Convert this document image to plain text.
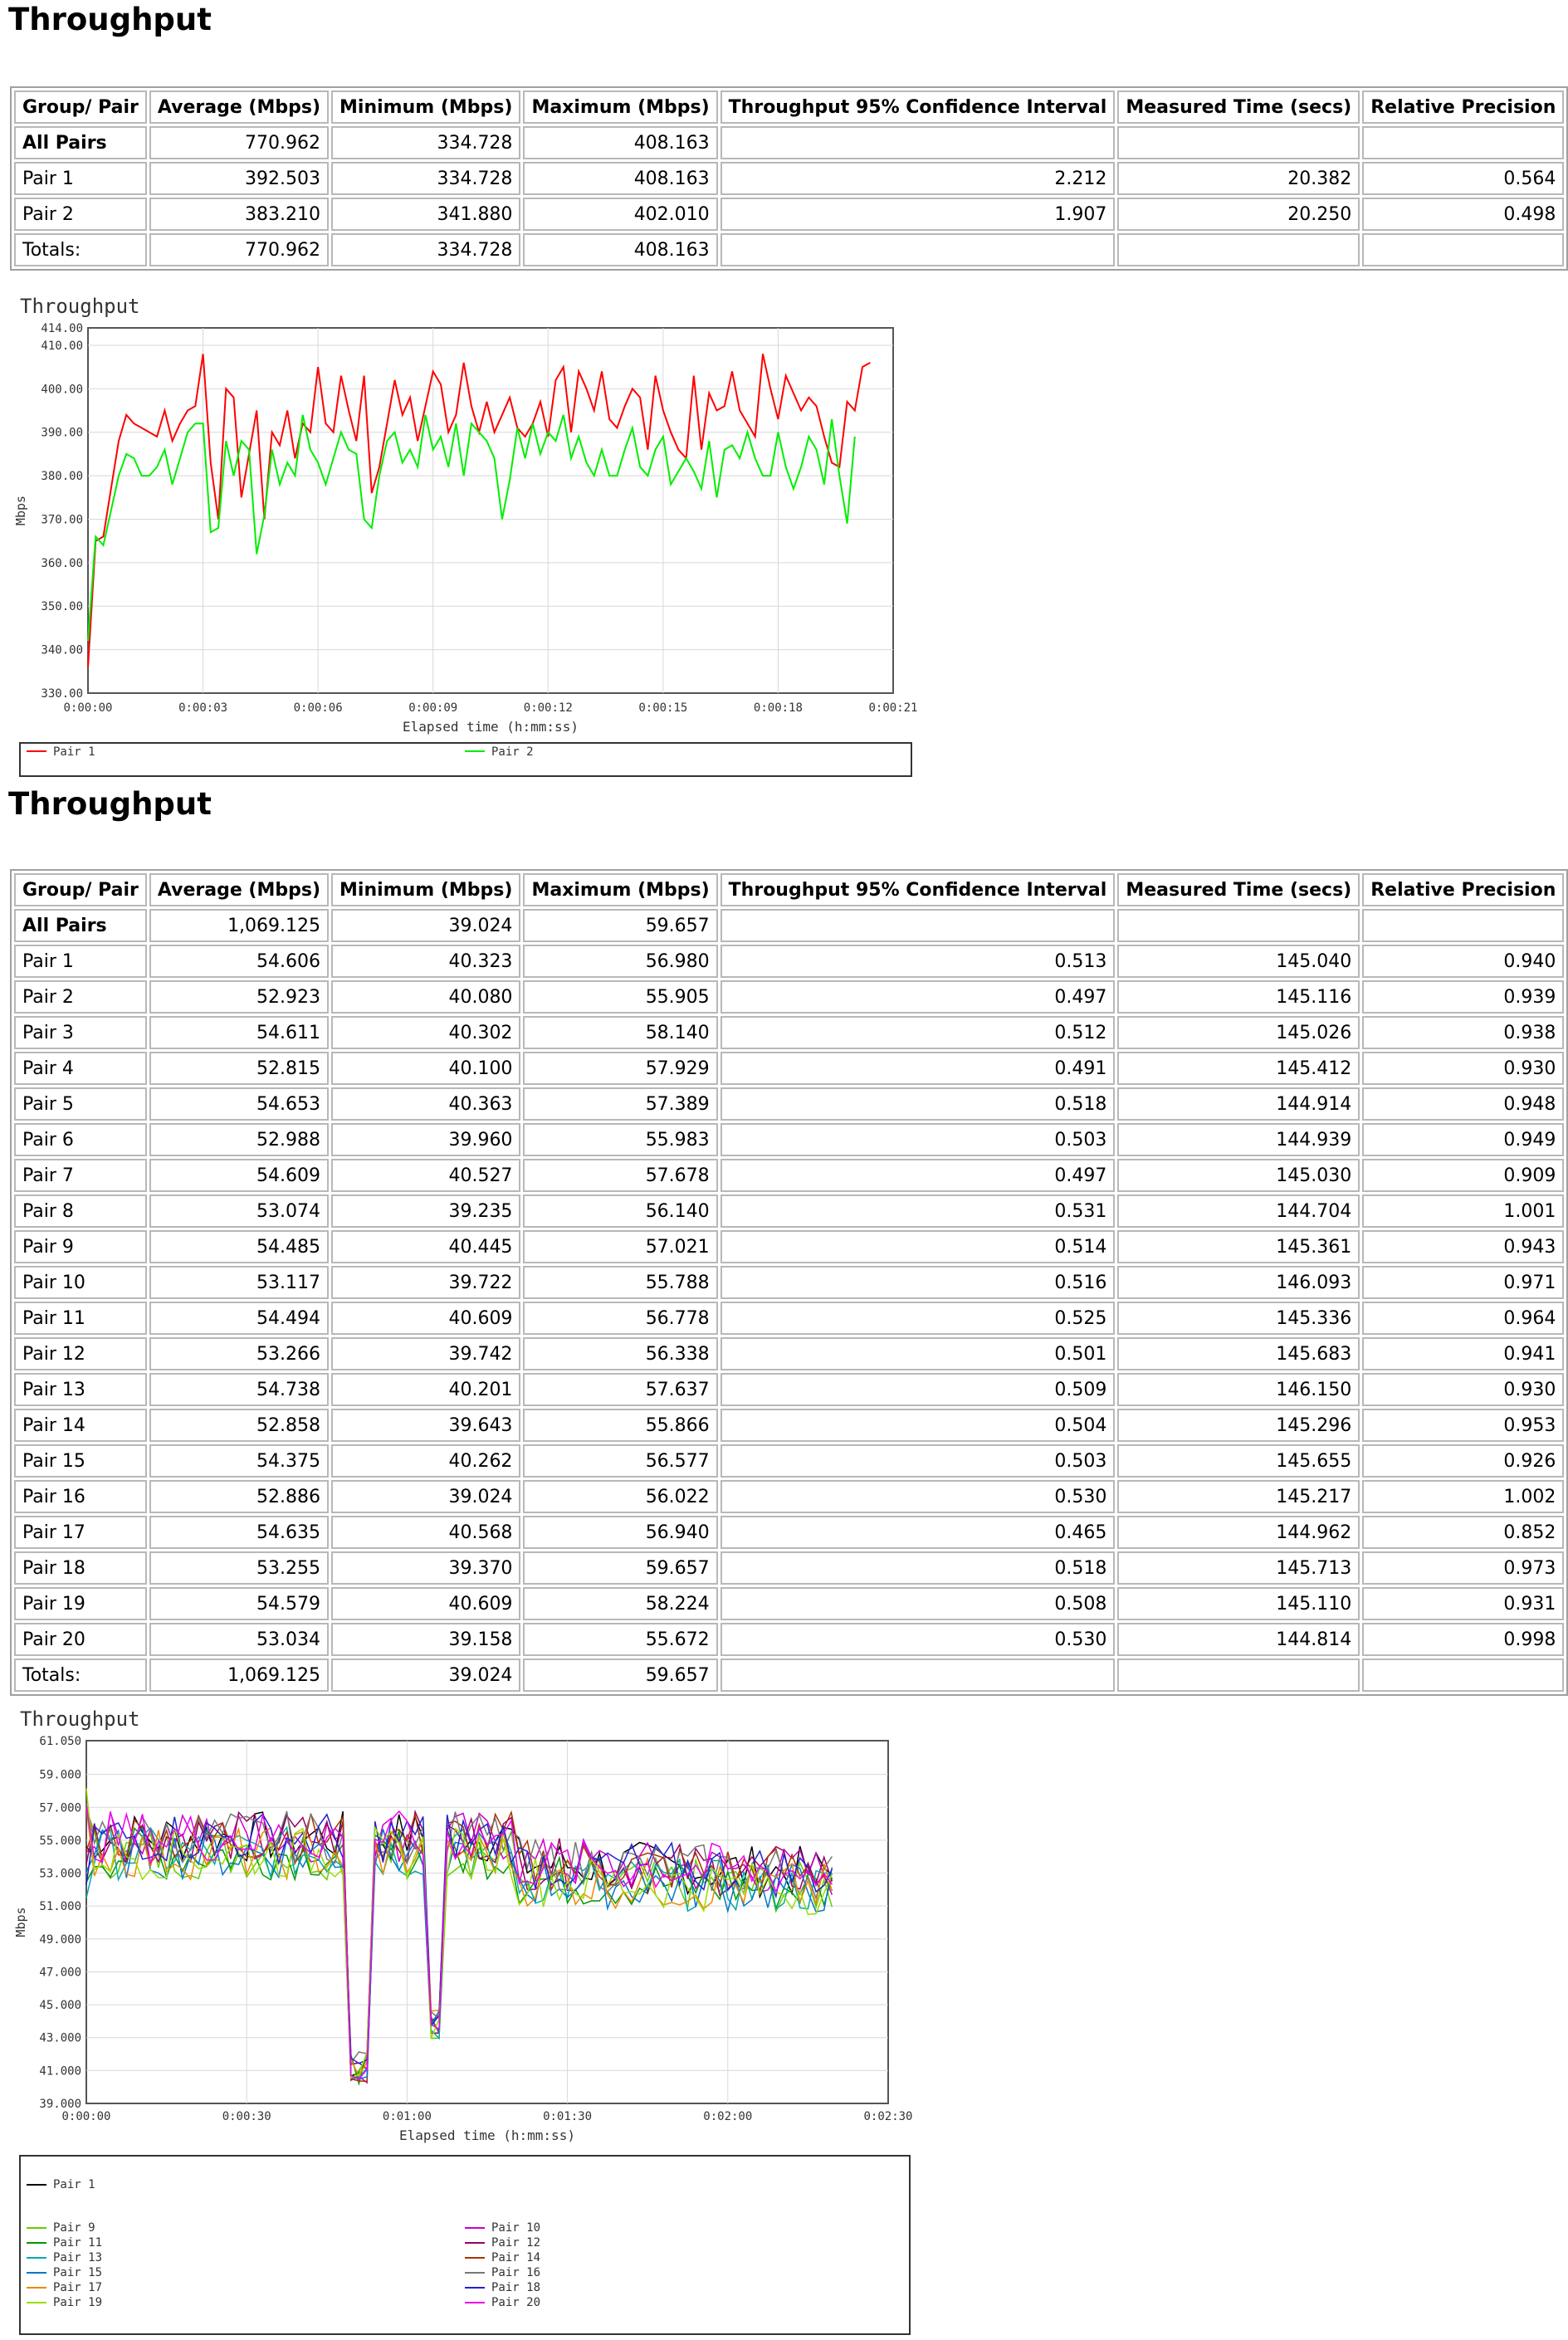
Throughput
Group/ Pair	Average (Mbps)	Minimum (Mbps)	Maximum (Mbps)	Throughput 95% Confidence Interval	Measured Time (secs)	Relative Precision
All Pairs	770.962	334.728	408.163			
Pair 1	392.503	334.728	408.163	2.212	20.382	0.564
Pair 2	383.210	341.880	402.010	1.907	20.250	0.498
Totals:	770.962	334.728	408.163			
Throughput
330.00
340.00
350.00
360.00
370.00
380.00
390.00
400.00
410.00
414.00
0:00:00	0:00:03	0:00:06	0:00:09	0:00:12	0:00:15	0:00:18	0:00:21
Elapsed time (h:mm:ss)
Mbps
Pair 1	Pair 2
Throughput
Group/ Pair	Average (Mbps)	Minimum (Mbps)	Maximum (Mbps)	Throughput 95% Confidence Interval	Measured Time (secs)	Relative Precision
All Pairs	1,069.125	39.024	59.657			
Pair 1	54.606	40.323	56.980	0.513	145.040	0.940
Pair 2	52.923	40.080	55.905	0.497	145.116	0.939
Pair 3	54.611	40.302	58.140	0.512	145.026	0.938
Pair 4	52.815	40.100	57.929	0.491	145.412	0.930
Pair 5	54.653	40.363	57.389	0.518	144.914	0.948
Pair 6	52.988	39.960	55.983	0.503	144.939	0.949
Pair 7	54.609	40.527	57.678	0.497	145.030	0.909
Pair 8	53.074	39.235	56.140	0.531	144.704	1.001
Pair 9	54.485	40.445	57.021	0.514	145.361	0.943
Pair 10	53.117	39.722	55.788	0.516	146.093	0.971
Pair 11	54.494	40.609	56.778	0.525	145.336	0.964
Pair 12	53.266	39.742	56.338	0.501	145.683	0.941
Pair 13	54.738	40.201	57.637	0.509	146.150	0.930
Pair 14	52.858	39.643	55.866	0.504	145.296	0.953
Pair 15	54.375	40.262	56.577	0.503	145.655	0.926
Pair 16	52.886	39.024	56.022	0.530	145.217	1.002
Pair 17	54.635	40.568	56.940	0.465	144.962	0.852
Pair 18	53.255	39.370	59.657	0.518	145.713	0.973
Pair 19	54.579	40.609	58.224	0.508	145.110	0.931
Pair 20	53.034	39.158	55.672	0.530	144.814	0.998
Totals:	1,069.125	39.024	59.657			
Throughput
39.000
41.000
43.000
45.000
47.000
49.000
51.000
53.000
55.000
57.000
59.000
61.050
0:00:00	0:00:30	0:01:00	0:01:30	0:02:00	0:02:30
Elapsed time (h:mm:ss)
Mbps
Pair 1
Pair 9
Pair 11
Pair 13
Pair 15
Pair 17
Pair 19
Pair 10
Pair 12
Pair 14
Pair 16
Pair 18
Pair 20
